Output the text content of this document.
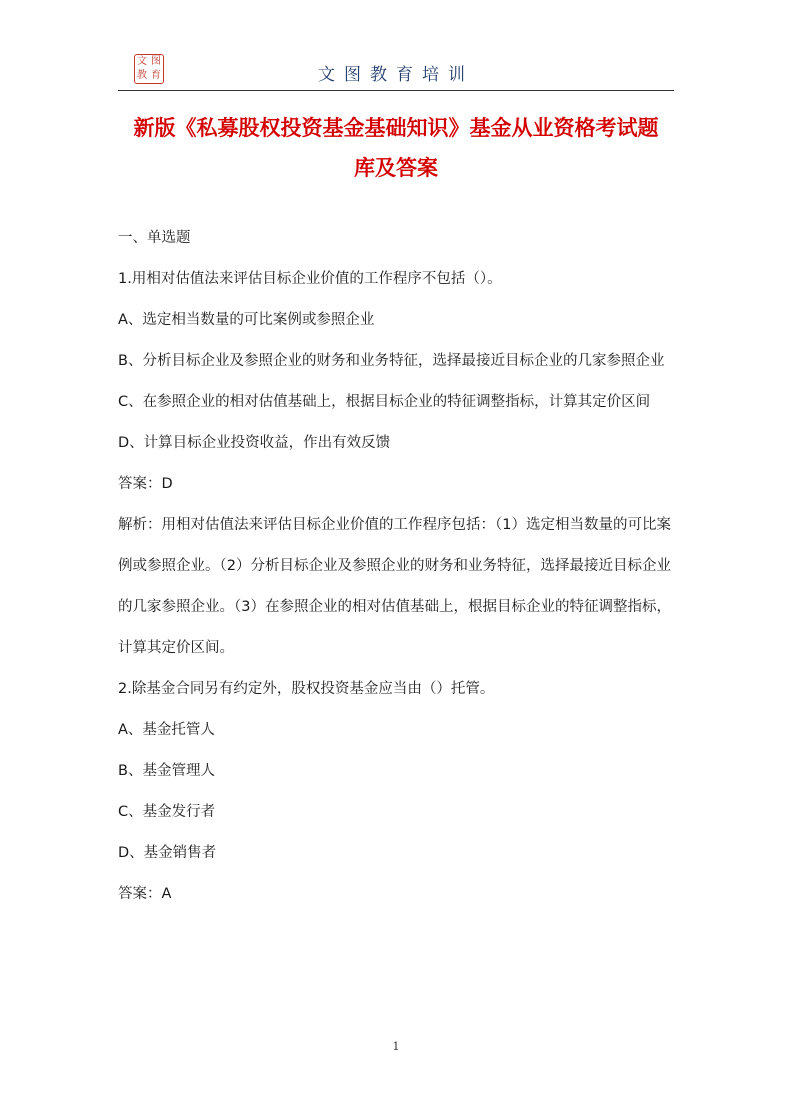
文 图
教 育	文图教育培训
新版《私募股权投资基金基础知识》基金从业资格考试题
库及答案

一、单选题

1.用相对估值法来评估目标企业价值的工作程序不包括（）。

A、选定相当数量的可比案例或参照企业

B、分析目标企业及参照企业的财务和业务特征，选择最接近目标企业的几家参照企业

C、在参照企业的相对估值基础上，根据目标企业的特征调整指标，计算其定价区间

D、计算目标企业投资收益，作出有效反馈

答案：D

解析：用相对估值法来评估目标企业价值的工作程序包括：（1）选定相当数量的可比案例或参照企业。（2）分析目标企业及参照企业的财务和业务特征，选择最接近目标企业的几家参照企业。（3）在参照企业的相对估值基础上，根据目标企业的特征调整指标，计算其定价区间。

2.除基金合同另有约定外，股权投资基金应当由（）托管。

A、基金托管人

B、基金管理人

C、基金发行者

D、基金销售者

答案：A

1
